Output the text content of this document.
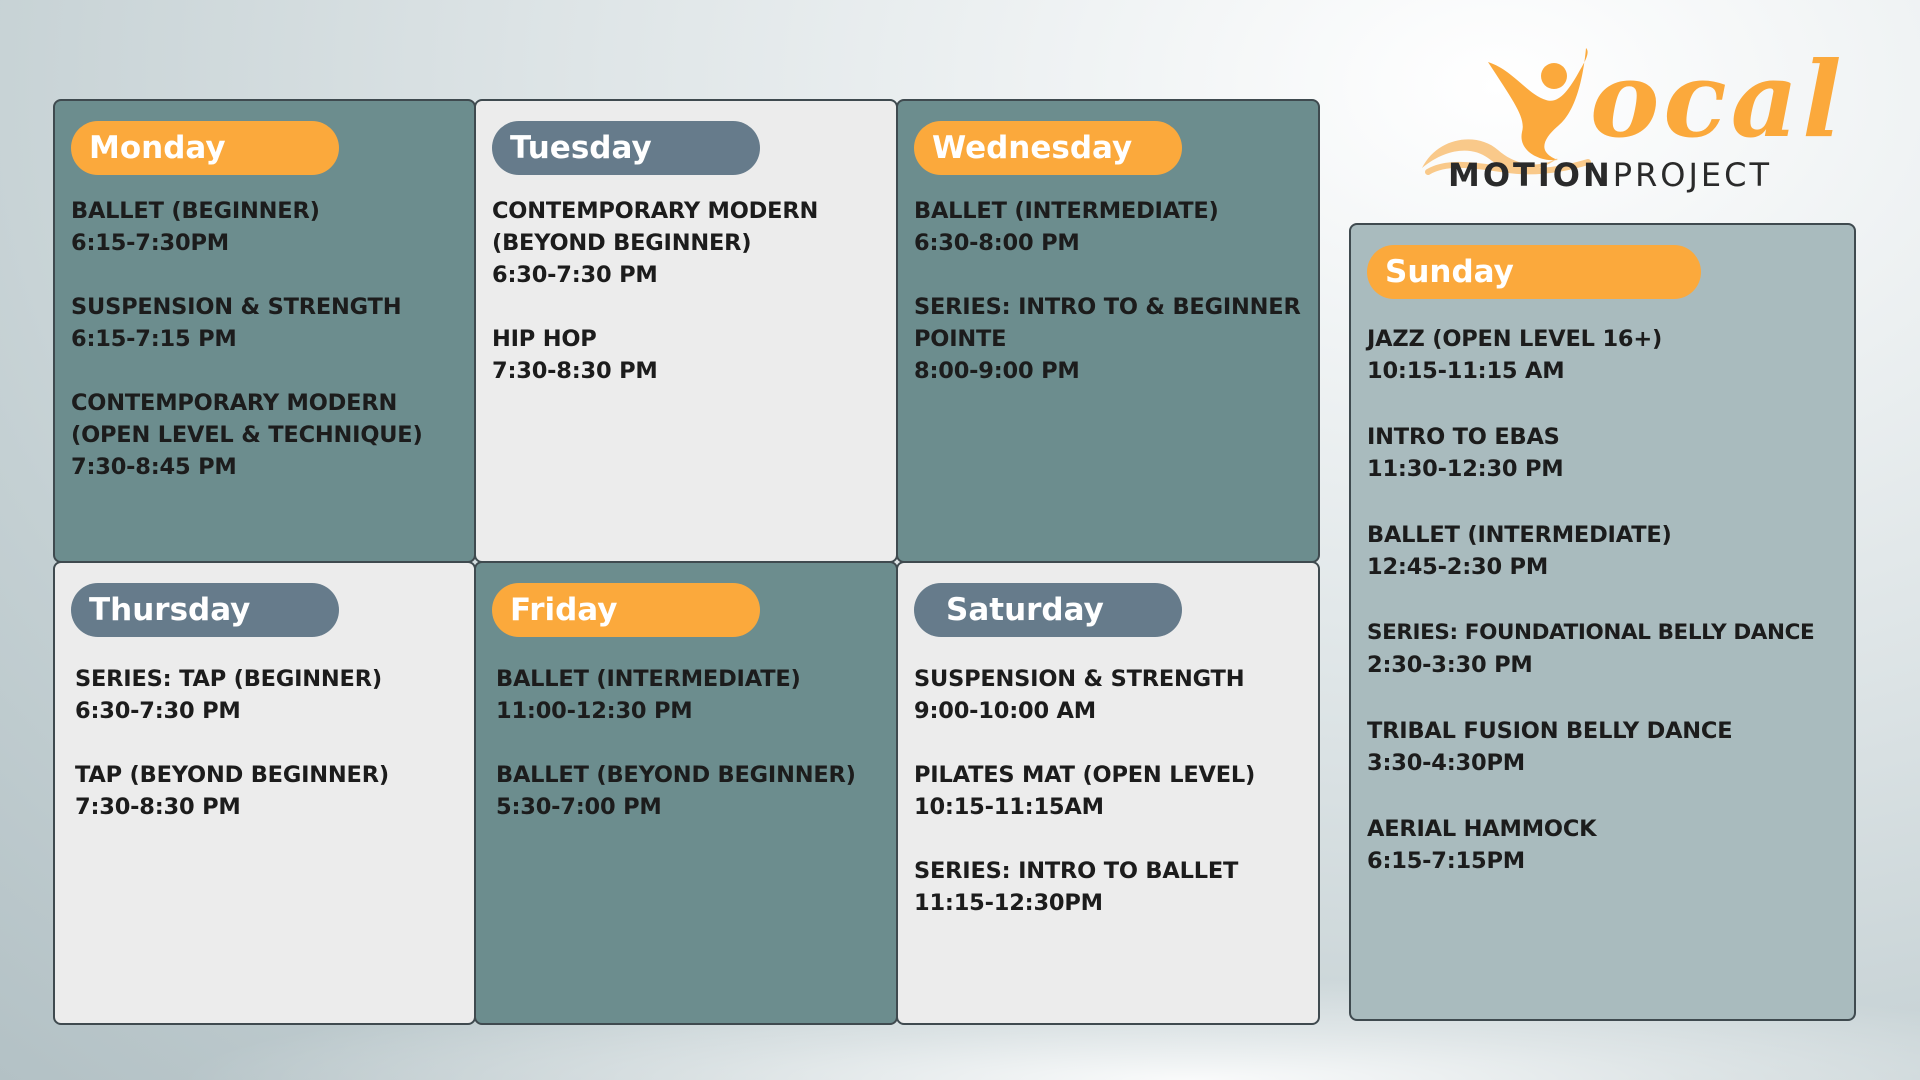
Monday
BALLET (BEGINNER)
6:15-7:30PM
SUSPENSION & STRENGTH
6:15-7:15 PM
CONTEMPORARY MODERN
(OPEN LEVEL & TECHNIQUE)
7:30-8:45 PM
Tuesday
CONTEMPORARY MODERN
(BEYOND BEGINNER)
6:30-7:30 PM
HIP HOP
7:30-8:30 PM
Wednesday
BALLET (INTERMEDIATE)
6:30-8:00 PM
SERIES: INTRO TO & BEGINNER
POINTE
8:00-9:00 PM
Thursday
SERIES: TAP (BEGINNER)
6:30-7:30 PM
TAP (BEYOND BEGINNER)
7:30-8:30 PM
Friday
BALLET (INTERMEDIATE)
11:00-12:30 PM
BALLET (BEYOND BEGINNER)
5:30-7:00 PM
Saturday
SUSPENSION & STRENGTH
9:00-10:00 AM
PILATES MAT (OPEN LEVEL)
10:15-11:15AM
SERIES: INTRO TO BALLET
11:15-12:30PM
Sunday
JAZZ (OPEN LEVEL 16+)
10:15-11:15 AM
INTRO TO EBAS
11:30-12:30 PM
BALLET (INTERMEDIATE)
12:45-2:30 PM
SERIES: FOUNDATIONAL BELLY DANCE
2:30-3:30 PM
TRIBAL FUSION BELLY DANCE
3:30-4:30PM
AERIAL HAMMOCK
6:15-7:15PM
ocal
MOTIONPROJECT
